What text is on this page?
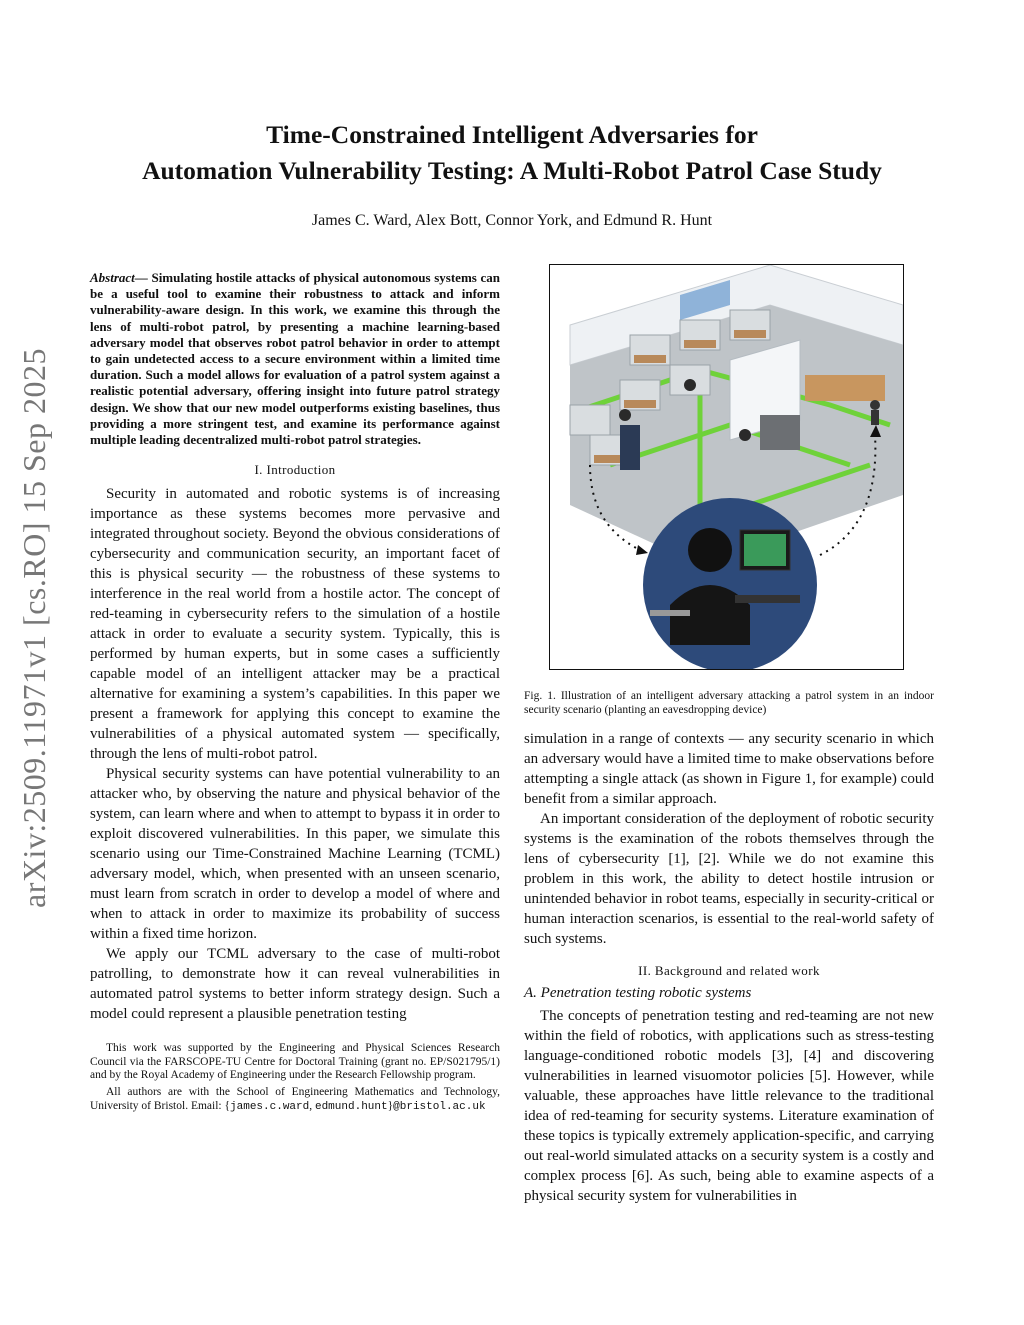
Time-Constrained Intelligent Adversaries for
Automation Vulnerability Testing: A Multi-Robot Patrol Case Study
James C. Ward, Alex Bott, Connor York, and Edmund R. Hunt
arXiv:2509.11971v1 [cs.RO] 15 Sep 2025

Abstract— Simulating hostile attacks of physical autonomous systems can be a useful tool to examine their robustness to attack and inform vulnerability-aware design. In this work, we examine this through the lens of multi-robot patrol, by presenting a machine learning-based adversary model that observes robot patrol behavior in order to attempt to gain undetected access to a secure environment within a limited time duration. Such a model allows for evaluation of a patrol system against a realistic potential adversary, offering insight into future patrol strategy design. We show that our new model outperforms existing baselines, thus providing a more stringent test, and examine its performance against multiple leading decentralized multi-robot patrol strategies.

I. Introduction

Security in automated and robotic systems is of increasing importance as these systems becomes more pervasive and integrated throughout society. Beyond the obvious considerations of cybersecurity and communication security, an important facet of this is physical security — the robustness of these systems to interference in the real world from a hostile actor. The concept of red-teaming in cybersecurity refers to the simulation of a hostile attack in order to evaluate a security system. Typically, this is performed by human experts, but in some cases a sufficiently capable model of an intelligent attacker may be a practical alternative for examining a system’s capabilities. In this paper we present a framework for applying this concept to examine the vulnerabilities of a physical automated system — specifically, through the lens of multi-robot patrol.

Physical security systems can have potential vulnerability to an attacker who, by observing the nature and physical behavior of the system, can learn where and when to attempt to bypass it in order to exploit discovered vulnerabilities. In this paper, we simulate this scenario using our Time-Constrained Machine Learning (TCML) adversary model, which, when presented with an unseen scenario, must learn from scratch in order to develop a model of where and when to attack in order to maximize its probability of success within a fixed time horizon.

We apply our TCML adversary to the case of multi-robot patrolling, to demonstrate how it can reveal vulnerabilities in automated patrol systems to better inform strategy design. Such a model could represent a plausible penetration testing

This work was supported by the Engineering and Physical Sciences Research Council via the FARSCOPE-TU Centre for Doctoral Training (grant no. EP/S021795/1) and by the Royal Academy of Engineering under the Research Fellowship program.

All authors are with the School of Engineering Mathematics and Technology, University of Bristol. Email: {james.c.ward, edmund.hunt}@bristol.ac.uk

Fig. 1. Illustration of an intelligent adversary attacking a patrol system in an indoor security scenario (planting an eavesdropping device)

simulation in a range of contexts — any security scenario in which an adversary would have a limited time to make observations before attempting a single attack (as shown in Figure 1, for example) could benefit from a similar approach.

An important consideration of the deployment of robotic security systems is the examination of the robots themselves through the lens of cybersecurity [1], [2]. While we do not examine this problem in this work, the ability to detect hostile intrusion or unintended behavior in robot teams, especially in security-critical or human interaction scenarios, is essential to the real-world safety of such systems.

II. Background and related work
A. Penetration testing robotic systems

The concepts of penetration testing and red-teaming are not new within the field of robotics, with applications such as stress-testing language-conditioned robotic models [3], [4] and discovering vulnerabilities in learned visuomotor policies [5]. However, while valuable, these approaches have little relevance to the traditional idea of red-teaming for security systems. Literature examination of these topics is typically extremely application-specific, and carrying out real-world simulated attacks on a security system is a costly and complex process [6]. As such, being able to examine aspects of a physical security system for vulnerabilities in
